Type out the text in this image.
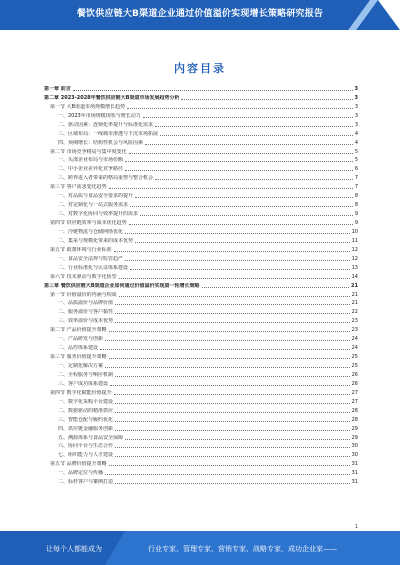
餐饮供应链大B渠道企业通过价值溢价实现增长策略研究报告
内容目录
第一章 前言	3
第二章 2023-2028年餐饮供应链大B渠道市场发展趋势分析	3
第一节 大B渠道市场规模增长趋势	3
一、2023年市场规模现状与增长动力	3
二、驱动因素：连锁化率提升与标准化需求	3
三、区域布局：一线城市渗透与下沉市场拓展	4
四、预期增长：结构性机会与风险因素	4
第二节 市场竞争格局与集中度变化	5
一、头部企业布局与市场份额	5
二、中小企业差异化竞争路径	6
三、跨界进入者带来的格局重塑与整合机会	7
第三节 客户需求变化趋势	7
一、对品质与食品安全要求的提升	8
二、对定制化与一站式服务需求	8
三、对数字化协同与效率提升的需求	9
第四节 供应链效率与成本优化趋势	9
一、冷链物流与仓储网络优化	10
二、集采与规模化带来的成本优势	11
第五节 政策环境与行业标准	12
一、食品安全法规与监管趋严	12
二、行业标准化与认证体系建设	13
第六节 技术驱动与数字化转型	14
第三章 餐饮供应链大B渠道企业如何通过价值溢价实现第一轮增长策略	21
第一节 价值溢价的内涵与构成	21
一、品质溢价与品牌价值	21
二、服务溢价与客户黏性	22
三、效率溢价与成本优势	23
第二节 产品价值提升策略	23
一、产品研发与创新	24
二、品控体系建设	24
第三节 服务价值提升策略	25
一、定制化解决方案	25
二、全程服务与响应机制	26
三、客户成功体系建设	26
第四节 数字化赋能价值提升	27
一、数字化采购平台建设	27
二、数据驱动的精准供应	28
三、智能仓配与履约优化	28
四、供应链金融服务创新	29
五、溯源体系与食品安全保障	29
六、协同平台与生态合作	30
七、组织能力与人才建设	30
第五节 品牌价值提升策略	31
一、品牌定位与传播	31
二、标杆客户与案例打造	31
1
让每个人都能成为	行业专家、管理专家、营销专家、战略专家、成功企业家——
